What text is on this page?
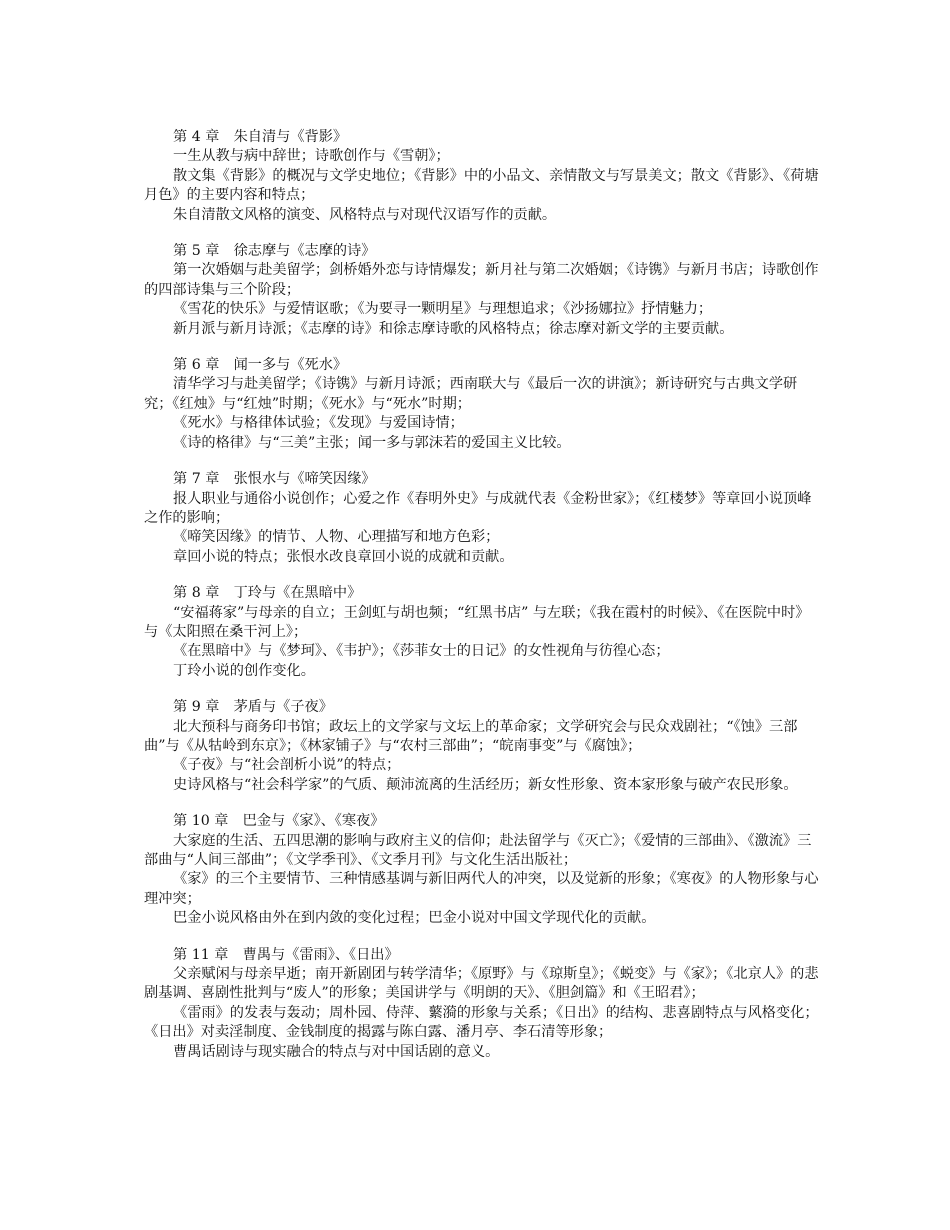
第 4 章　朱自清与《背影》
一生从教与病中辞世；诗歌创作与《雪朝》；
散文集《背影》的概况与文学史地位；《背影》中的小品文、亲情散文与写景美文；散文《背影》、《荷塘月色》的主要内容和特点；
朱自清散文风格的演变、风格特点与对现代汉语写作的贡献。
第 5 章　徐志摩与《志摩的诗》
第一次婚姻与赴美留学；剑桥婚外恋与诗情爆发；新月社与第二次婚姻；《诗镌》与新月书店；诗歌创作的四部诗集与三个阶段；
《雪花的快乐》与爱情讴歌；《为要寻一颗明星》与理想追求；《沙扬娜拉》抒情魅力；
新月派与新月诗派；《志摩的诗》和徐志摩诗歌的风格特点；徐志摩对新文学的主要贡献。
第 6 章　闻一多与《死水》
清华学习与赴美留学；《诗镌》与新月诗派；西南联大与《最后一次的讲演》；新诗研究与古典文学研究；《红烛》与“红烛”时期；《死水》与“死水”时期；
《死水》与格律体试验；《发现》与爱国诗情；
《诗的格律》与“三美”主张；闻一多与郭沫若的爱国主义比较。
第 7 章　张恨水与《啼笑因缘》
报人职业与通俗小说创作；心爱之作《春明外史》与成就代表《金粉世家》；《红楼梦》等章回小说顶峰之作的影响；
《啼笑因缘》的情节、人物、心理描写和地方色彩；
章回小说的特点；张恨水改良章回小说的成就和贡献。
第 8 章　丁玲与《在黑暗中》
“安福蒋家”与母亲的自立；王剑虹与胡也频；“红黑书店” 与左联；《我在霞村的时候》、《在医院中时》与《太阳照在桑干河上》；
《在黑暗中》与《梦珂》、《韦护》；《莎菲女士的日记》的女性视角与彷徨心态；
丁玲小说的创作变化。
第 9 章　茅盾与《子夜》
北大预科与商务印书馆；政坛上的文学家与文坛上的革命家；文学研究会与民众戏剧社；“《蚀》三部曲”与《从牯岭到东京》；《林家铺子》与“农村三部曲”；“皖南事变”与《腐蚀》；
《子夜》与“社会剖析小说”的特点；
史诗风格与“社会科学家”的气质、颠沛流离的生活经历；新女性形象、资本家形象与破产农民形象。
第 10 章　巴金与《家》、《寒夜》
大家庭的生活、五四思潮的影响与政府主义的信仰；赴法留学与《灭亡》；《爱情的三部曲》、《激流》三部曲与“人间三部曲”；《文学季刊》、《文季月刊》与文化生活出版社；
《家》的三个主要情节、三种情感基调与新旧两代人的冲突，以及觉新的形象；《寒夜》的人物形象与心理冲突；
巴金小说风格由外在到内敛的变化过程；巴金小说对中国文学现代化的贡献。
第 11 章　曹禺与《雷雨》、《日出》
父亲赋闲与母亲早逝；南开新剧团与转学清华；《原野》与《琼斯皇》；《蜕变》与《家》；《北京人》的悲剧基调、喜剧性批判与“废人”的形象；美国讲学与《明朗的天》、《胆剑篇》和《王昭君》；
《雷雨》的发表与轰动；周朴园、侍萍、蘩漪的形象与关系；《日出》的结构、悲喜剧特点与风格变化；《日出》对卖淫制度、金钱制度的揭露与陈白露、潘月亭、李石清等形象；
曹禺话剧诗与现实融合的特点与对中国话剧的意义。
